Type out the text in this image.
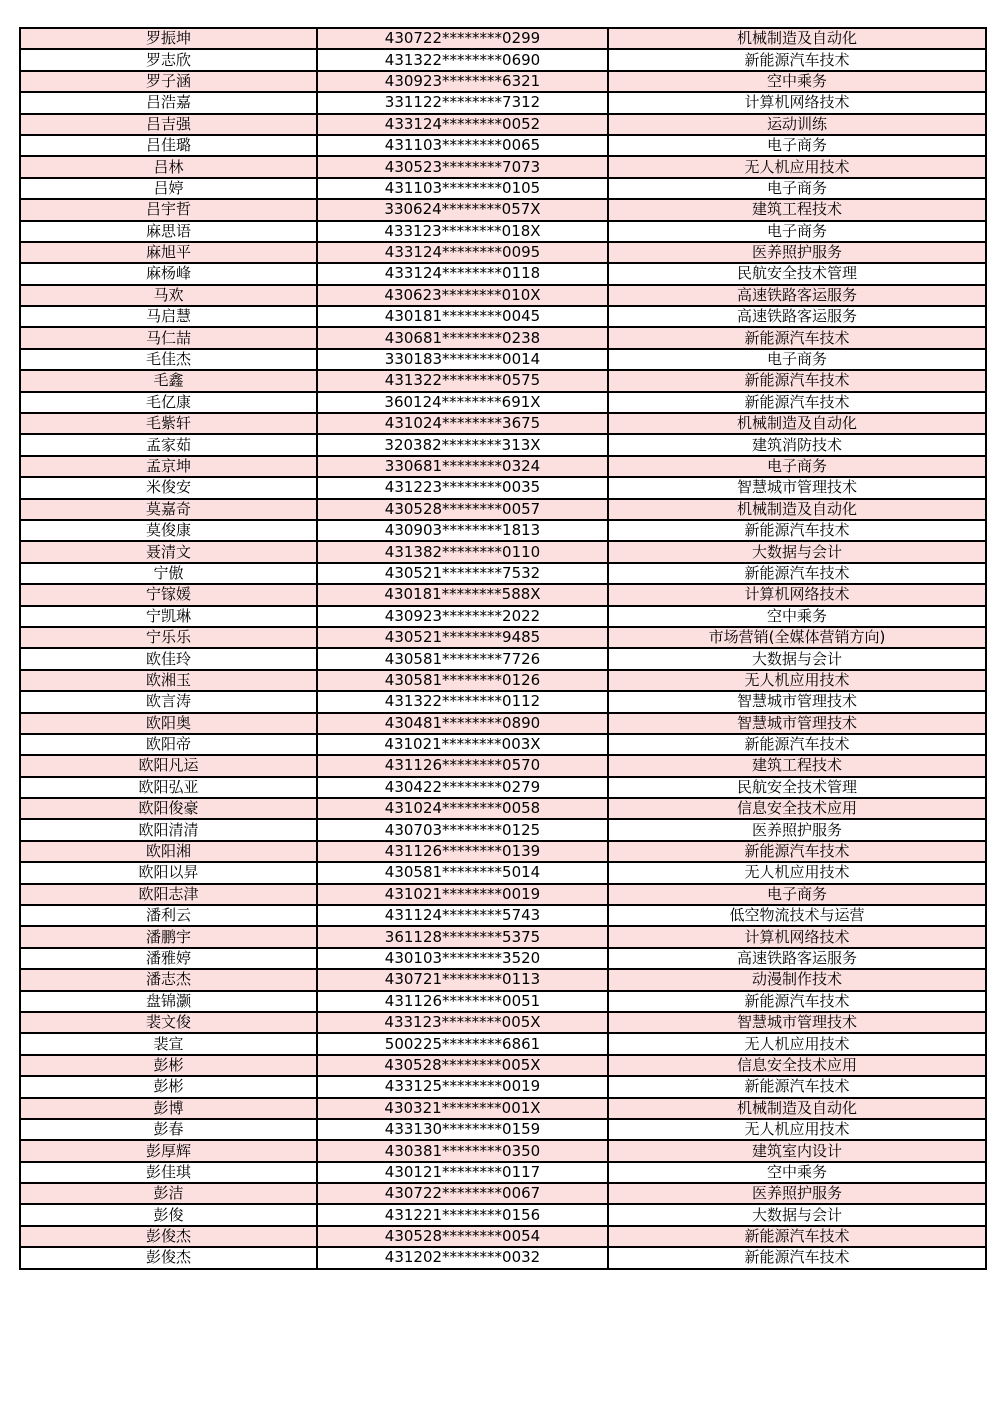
罗振坤	430722********0299	机械制造及自动化
罗志欣	431322********0690	新能源汽车技术
罗子涵	430923********6321	空中乘务
吕浩嘉	331122********7312	计算机网络技术
吕吉强	433124********0052	运动训练
吕佳璐	431103********0065	电子商务
吕林	430523********7073	无人机应用技术
吕婷	431103********0105	电子商务
吕宇哲	330624********057X	建筑工程技术
麻思语	433123********018X	电子商务
麻旭平	433124********0095	医养照护服务
麻杨峰	433124********0118	民航安全技术管理
马欢	430623********010X	高速铁路客运服务
马启慧	430181********0045	高速铁路客运服务
马仁喆	430681********0238	新能源汽车技术
毛佳杰	330183********0014	电子商务
毛鑫	431322********0575	新能源汽车技术
毛亿康	360124********691X	新能源汽车技术
毛紫轩	431024********3675	机械制造及自动化
孟家茹	320382********313X	建筑消防技术
孟京坤	330681********0324	电子商务
米俊安	431223********0035	智慧城市管理技术
莫嘉奇	430528********0057	机械制造及自动化
莫俊康	430903********1813	新能源汽车技术
聂清文	431382********0110	大数据与会计
宁傲	430521********7532	新能源汽车技术
宁镓媛	430181********588X	计算机网络技术
宁凯琳	430923********2022	空中乘务
宁乐乐	430521********9485	市场营销(全媒体营销方向)
欧佳玲	430581********7726	大数据与会计
欧湘玉	430581********0126	无人机应用技术
欧言涛	431322********0112	智慧城市管理技术
欧阳奥	430481********0890	智慧城市管理技术
欧阳帝	431021********003X	新能源汽车技术
欧阳凡运	431126********0570	建筑工程技术
欧阳弘亚	430422********0279	民航安全技术管理
欧阳俊豪	431024********0058	信息安全技术应用
欧阳清清	430703********0125	医养照护服务
欧阳湘	431126********0139	新能源汽车技术
欧阳以昇	430581********5014	无人机应用技术
欧阳志津	431021********0019	电子商务
潘利云	431124********5743	低空物流技术与运营
潘鹏宇	361128********5375	计算机网络技术
潘雅婷	430103********3520	高速铁路客运服务
潘志杰	430721********0113	动漫制作技术
盘锦灏	431126********0051	新能源汽车技术
裴文俊	433123********005X	智慧城市管理技术
裴宣	500225********6861	无人机应用技术
彭彬	430528********005X	信息安全技术应用
彭彬	433125********0019	新能源汽车技术
彭博	430321********001X	机械制造及自动化
彭春	433130********0159	无人机应用技术
彭厚辉	430381********0350	建筑室内设计
彭佳琪	430121********0117	空中乘务
彭洁	430722********0067	医养照护服务
彭俊	431221********0156	大数据与会计
彭俊杰	430528********0054	新能源汽车技术
彭俊杰	431202********0032	新能源汽车技术
